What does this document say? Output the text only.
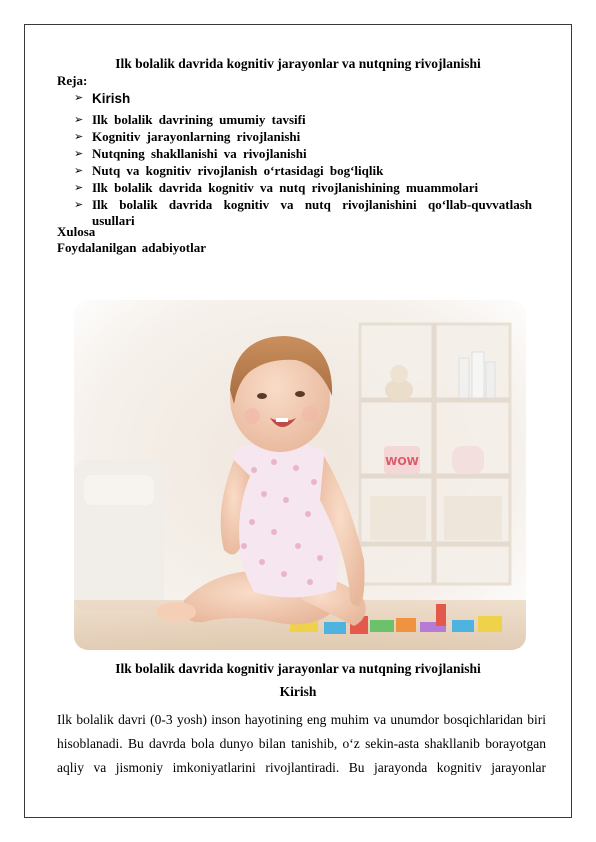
Ilk bolalik davrida kognitiv jarayonlar va nutqning rivojlanishi
Reja:
➢ Kirish
➢ Ilk bolalik davrining umumiy tavsifi
➢ Kognitiv jarayonlarning rivojlanishi
➢ Nutqning shakllanishi va rivojlanishi
➢ Nutq va kognitiv rivojlanish o‘rtasidagi bog‘liqlik
➢ Ilk bolalik davrida kognitiv va nutq rivojlanishining muammolari
➢ Ilk bolalik davrida kognitiv va nutq rivojlanishini qo‘llab-quvvatlash usullari
Xulosa
Foydalanilgan adabiyotlar
WOW
Ilk bolalik davrida kognitiv jarayonlar va nutqning rivojlanishi
Kirish
Ilk bolalik davri (0-3 yosh) inson hayotining eng muhim va unumdor bosqichlaridan biri
hisoblanadi. Bu davrda bola dunyo bilan tanishib, o‘z sekin-asta shakllanib borayotgan
aqliy va jismoniy imkoniyatlarini rivojlantiradi. Bu jarayonda kognitiv jarayonlar
